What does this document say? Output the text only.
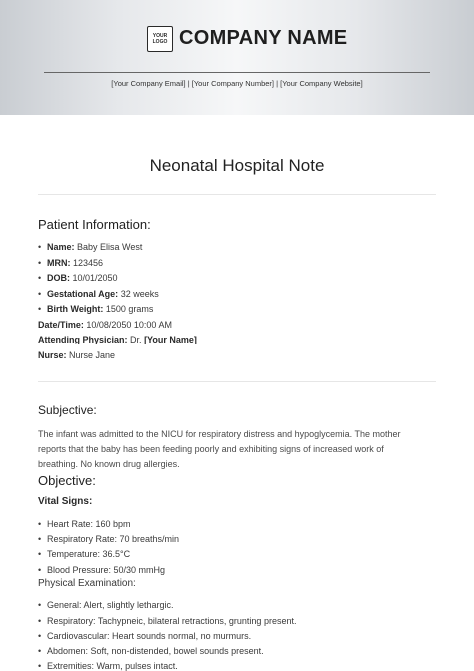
YOUR LOGO COMPANY NAME
[Your Company Email] | [Your Company Number] | [Your Company Website]
Neonatal Hospital Note
Patient Information:
• Name: Baby Elisa West
• MRN: 123456
• DOB: 10/01/2050
• Gestational Age: 32 weeks
• Birth Weight: 1500 grams
Date/Time: 10/08/2050 10:00 AM
Attending Physician: Dr. [Your Name]
Nurse: Nurse Jane
Subjective:
The infant was admitted to the NICU for respiratory distress and hypoglycemia. The mother
reports that the baby has been feeding poorly and exhibiting signs of increased work of
breathing. No known drug allergies.
Objective:
Vital Signs:
• Heart Rate: 160 bpm
• Respiratory Rate: 70 breaths/min
• Temperature: 36.5°C
• Blood Pressure: 50/30 mmHg
Physical Examination:
• General: Alert, slightly lethargic.
• Respiratory: Tachypneic, bilateral retractions, grunting present.
• Cardiovascular: Heart sounds normal, no murmurs.
• Abdomen: Soft, non-distended, bowel sounds present.
• Extremities: Warm, pulses intact.
